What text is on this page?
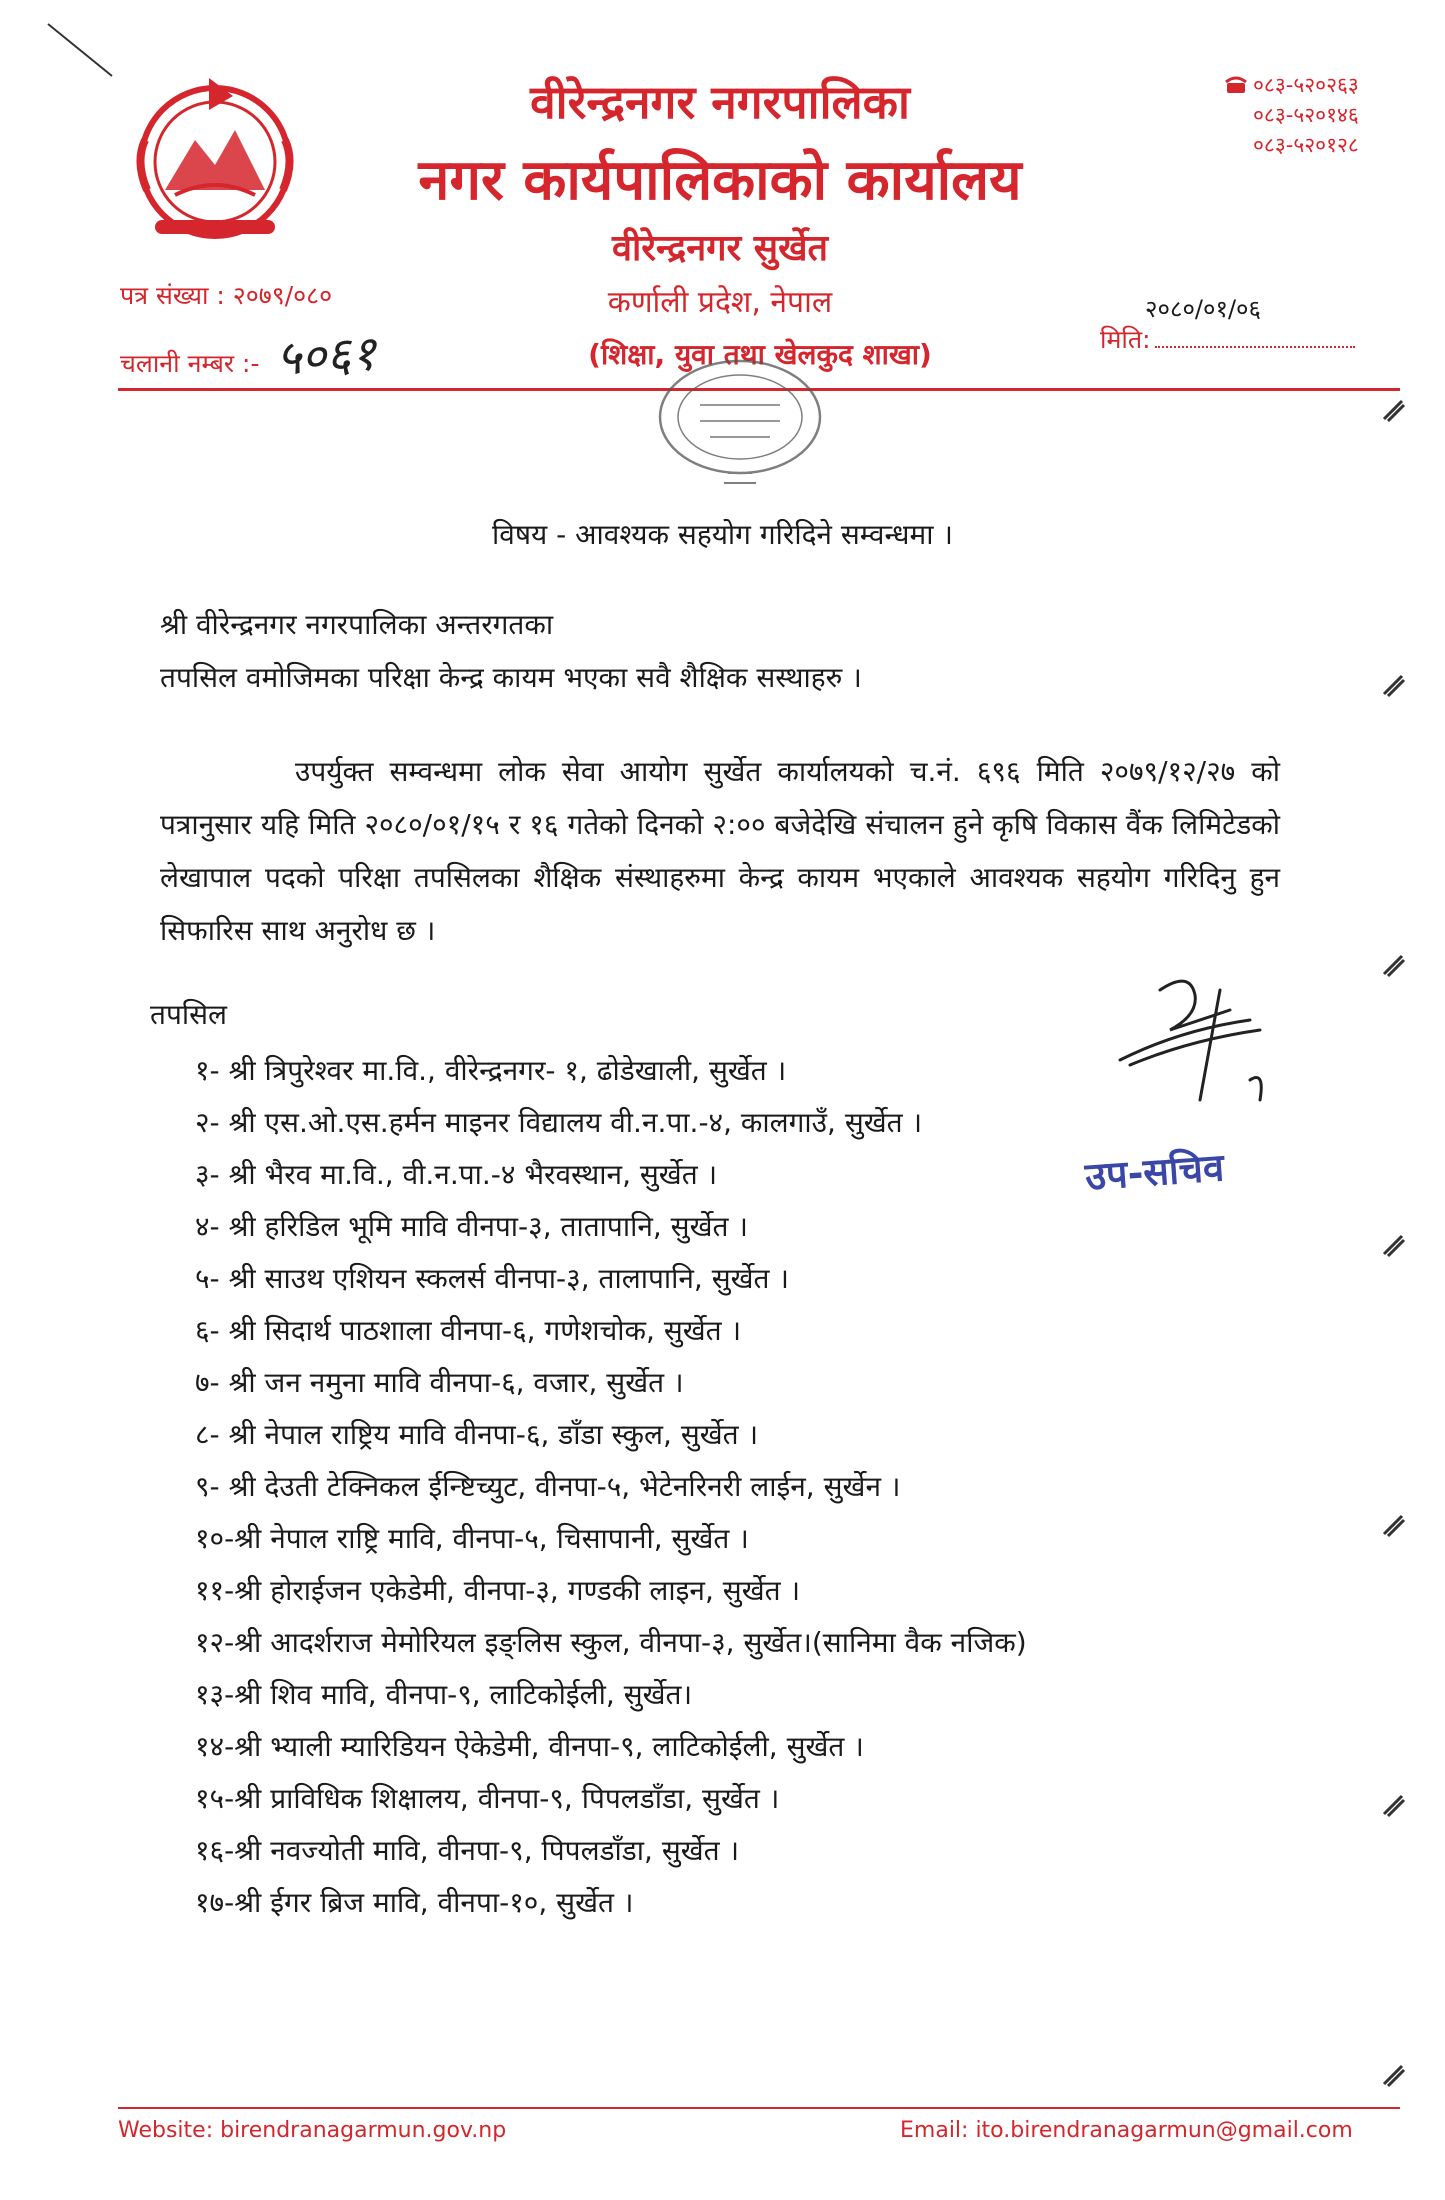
वीरेन्द्रनगर नगरपालिका
नगर कार्यपालिकाको कार्यालय
वीरेन्द्रनगर सुर्खेत
कर्णाली प्रदेश, नेपाल
(शिक्षा, युवा तथा खेलकुद शाखा)
०८३-५२०२६३
०८३-५२०१४६
०८३-५२०१२८
पत्र संख्या : २०७९/०८०
चलानी नम्बर :- ५०६१
२०८०/०१/०६
मिति :
विषय - आवश्यक सहयोग गरिदिने सम्वन्धमा ।
श्री वीरेन्द्रनगर नगरपालिका अन्तरगतका
तपसिल वमोजिमका परिक्षा केन्द्र कायम भएका सवै शैक्षिक सस्थाहरु ।
उपर्युक्त सम्वन्धमा लोक सेवा आयोग सुर्खेत कार्यालयको च.नं. ६९६ मिति २०७९/१२/२७ को पत्रानुसार यहि मिति २०८०/०१/१५ र १६ गतेको दिनको २:०० बजेदेखि संचालन हुने कृषि विकास वैंक लिमिटेडको लेखापाल पदको परिक्षा तपसिलका शैक्षिक संस्थाहरुमा केन्द्र कायम भएकाले आवश्यक सहयोग गरिदिनु हुन सिफारिस साथ अनुरोध छ ।
तपसिल
१- श्री त्रिपुरेश्वर मा.वि., वीरेन्द्रनगर- १, ढोडेखाली, सुर्खेत ।
२- श्री एस.ओ.एस.हर्मन माइनर विद्यालय वी.न.पा.-४, कालगाउँ, सुर्खेत ।
३- श्री भैरव मा.वि., वी.न.पा.-४ भैरवस्थान, सुर्खेत ।
४- श्री हरिडिल भूमि मावि वीनपा-३, तातापानि, सुर्खेत ।
५- श्री साउथ एशियन स्कलर्स वीनपा-३, तालापानि, सुर्खेत ।
६- श्री सिदार्थ पाठशाला वीनपा-६, गणेशचोक, सुर्खेत ।
७- श्री जन नमुना मावि वीनपा-६, वजार, सुर्खेत ।
८- श्री नेपाल राष्ट्रिय मावि वीनपा-६, डाँडा स्कुल, सुर्खेत ।
९- श्री देउती टेक्निकल ईन्ष्टिच्युट, वीनपा-५, भेटेनरिनरी लाईन, सुर्खेन ।
१०-श्री नेपाल राष्ट्रि मावि, वीनपा-५, चिसापानी, सुर्खेत ।
११-श्री होराईजन एकेडेमी, वीनपा-३, गण्डकी लाइन, सुर्खेत ।
१२-श्री आदर्शराज मेमोरियल इङ्लिस स्कुल, वीनपा-३, सुर्खेत।(सानिमा वैक नजिक)
१३-श्री शिव मावि, वीनपा-९, लाटिकोईली, सुर्खेत।
१४-श्री भ्याली म्यारिडियन ऐकेडेमी, वीनपा-९, लाटिकोईली, सुर्खेत ।
१५-श्री प्राविधिक शिक्षालय, वीनपा-९, पिपलडाँडा, सुर्खेत ।
१६-श्री नवज्योती मावि, वीनपा-९, पिपलडाँडा, सुर्खेत ।
१७-श्री ईगर ब्रिज मावि, वीनपा-१०, सुर्खेत ।
उप-सचिव
Website: birendranagarmun.gov.np	Email: ito.birendranagarmun@gmail.com
